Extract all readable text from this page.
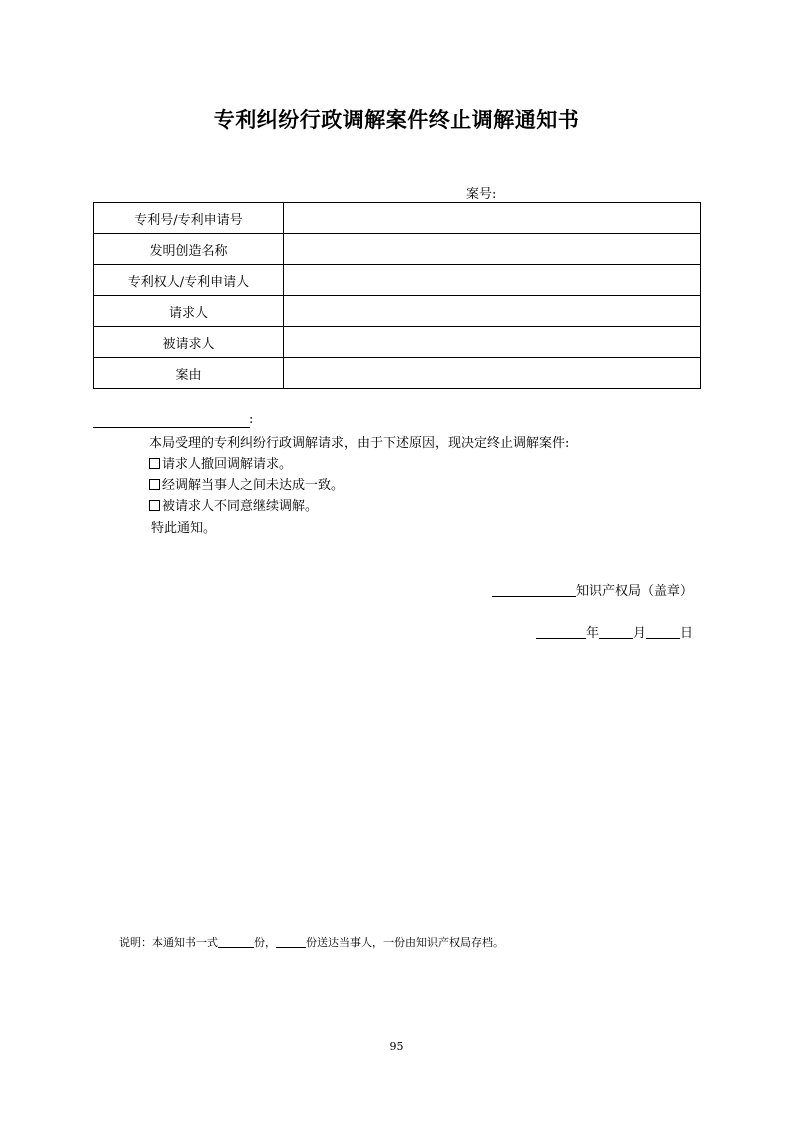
专利纠纷行政调解案件终止调解通知书
案号:
专利号/专利申请号	
发明创造名称	
专利权人/专利申请人	
请求人	
被请求人	
案由	
:
本局受理的专利纠纷行政调解请求，由于下述原因，现决定终止调解案件:
请求人撤回调解请求。
经调解当事人之间未达成一致。
被请求人不同意继续调解。
特此通知。
知识产权局（盖章）
年	月	日
说明：本通知书一式	份，	份送达当事人，一份由知识产权局存档。
95
